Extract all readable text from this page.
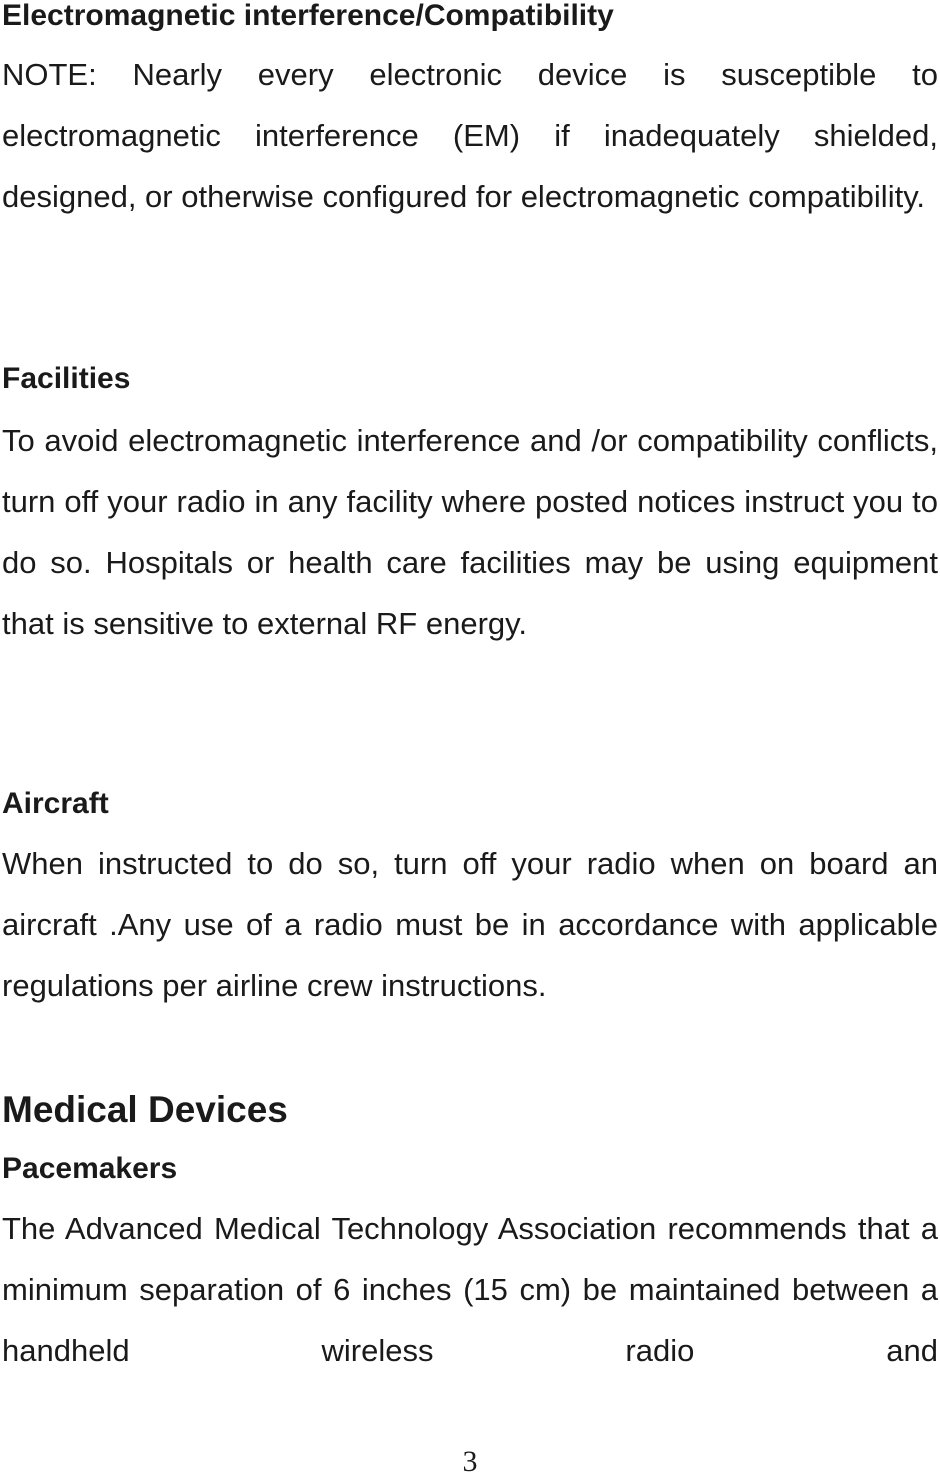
Electromagnetic interference/Compatibility

NOTE: Nearly every electronic device is susceptible to electromagnetic interference (EM) if inadequately shielded, designed, or otherwise configured for electromagnetic compatibility.

Facilities

To avoid electromagnetic interference and /or compatibility conflicts, turn off your radio in any facility where posted notices instruct you to do so. Hospitals or health care facilities may be using equipment that is sensitive to external RF energy.

Aircraft

When instructed to do so, turn off your radio when on board an aircraft .Any use of a radio must be in accordance with applicable regulations per airline crew instructions.

Medical Devices
Pacemakers

The Advanced Medical Technology Association recommends that a minimum separation of 6 inches (15 cm) be maintained between a handheld wireless radio and

3
